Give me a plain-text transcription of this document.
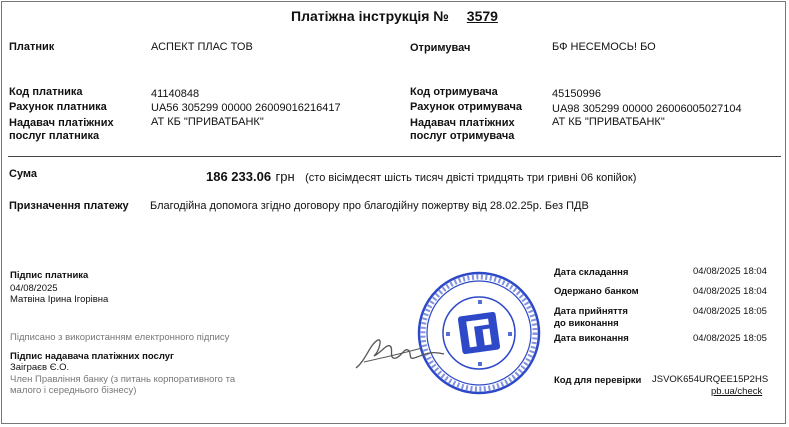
Платіжна інструкція № 3579
Платник	АСПЕКТ ПЛАС ТОВ
Код платника	41140848
Рахунок платника	UA56 305299 00000 26009016216417
Надавач платіжних
послуг платника
АТ КБ "ПРИВАТБАНК"
Отримувач	БФ НЕСЕМОСЬ! БО
Код отримувача	45150996
Рахунок отримувача	UA98 305299 00000 26006005027104
Надавач платіжних
послуг отримувача
АТ КБ "ПРИВАТБАНК"
Сума	186 233.06 грн (сто вісімдесят шість тисяч двісті тридцять три гривні 06 копійок)
Призначення платежу Благодійна допомога згідно договору про благодійну пожертву від 28.02.25р. Без ПДВ
Підпис платника
04/08/2025
Матвіна Ірина Ігорівна
Підписано з використанням електронного підпису
Підпис надавача платіжних послуг
Заіграєв Є.О.
Член Правління банку (з питань корпоративного та
малого і середнього бізнесу)
Дата складання	04/08/2025 18:04
Одержано банком	04/08/2025 18:04
Дата прийняття
до виконання
04/08/2025 18:05
Дата виконання	04/08/2025 18:05
Код для перевірки JSVOK654URQEE15P2HS
pb.ua/check
